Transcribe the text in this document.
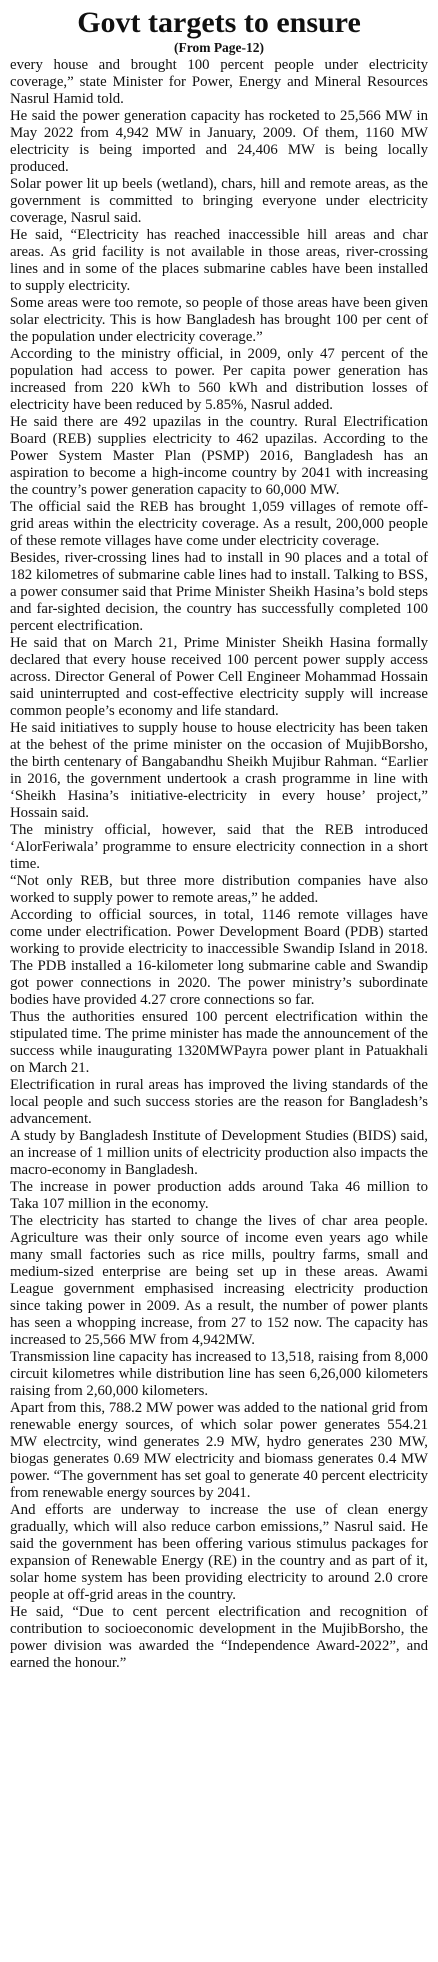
Govt targets to ensure
(From Page-12)

every house and brought 100 percent people under electricity coverage,” state Minister for Power, Energy and Mineral Resources Nasrul Hamid told.

He said the power generation capacity has rocketed to 25,566 MW in May 2022 from 4,942 MW in January, 2009. Of them, 1160 MW electricity is being imported and 24,406 MW is being locally produced.

Solar power lit up beels (wetland), chars, hill and remote areas, as the government is committed to bringing everyone under electricity coverage, Nasrul said.

He said, “Electricity has reached inaccessible hill areas and char areas. As grid facility is not available in those areas, river-crossing lines and in some of the places submarine cables have been installed to supply electricity.

Some areas were too remote, so people of those areas have been given solar electricity. This is how Bangladesh has brought 100 per cent of the population under electricity coverage.”

According to the ministry official, in 2009, only 47 percent of the population had access to power. Per capita power generation has increased from 220 kWh to 560 kWh and distribution losses of electricity have been reduced by 5.85%, Nasrul added.

He said there are 492 upazilas in the country. Rural Electrification Board (REB) supplies electricity to 462 upazilas. According to the Power System Master Plan (PSMP) 2016, Bangladesh has an aspiration to become a high-income country by 2041 with increasing the country’s power generation capacity to 60,000 MW.

The official said the REB has brought 1,059 villages of remote off-grid areas within the electricity coverage. As a result, 200,000 people of these remote villages have come under electricity coverage.

Besides, river-crossing lines had to install in 90 places and a total of 182 kilometres of submarine cable lines had to install. Talking to BSS, a power consumer said that Prime Minister Sheikh Hasina’s bold steps and far-sighted decision, the country has successfully completed 100 percent electrification.

He said that on March 21, Prime Minister Sheikh Hasina formally declared that every house received 100 percent power supply access across. Director General of Power Cell Engineer Mohammad Hossain said uninterrupted and cost-effective electricity supply will increase common people’s economy and life standard.

He said initiatives to supply house to house electricity has been taken at the behest of the prime minister on the occasion of MujibBorsho, the birth centenary of Bangabandhu Sheikh Mujibur Rahman. “Earlier in 2016, the government undertook a crash programme in line with ‘Sheikh Hasina’s initiative-electricity in every house’ project,” Hossain said.

The ministry official, however, said that the REB introduced ‘AlorFeriwala’ programme to ensure electricity connection in a short time.

“Not only REB, but three more distribution companies have also worked to supply power to remote areas,” he added.

According to official sources, in total, 1146 remote villages have come under electrification. Power Development Board (PDB) started working to provide electricity to inaccessible Swandip Island in 2018. The PDB installed a 16-kilometer long submarine cable and Swandip got power connections in 2020. The power ministry’s subordinate bodies have provided 4.27 crore connections so far.

Thus the authorities ensured 100 percent electrification within the stipulated time. The prime minister has made the announcement of the success while inaugurating 1320MWPayra power plant in Patuakhali on March 21.

Electrification in rural areas has improved the living standards of the local people and such success stories are the reason for Bangladesh’s advancement.

A study by Bangladesh Institute of Development Studies (BIDS) said, an increase of 1 million units of electricity production also impacts the macro-economy in Bangladesh.

The increase in power production adds around Taka 46 million to Taka 107 million in the economy.

The electricity has started to change the lives of char area people. Agriculture was their only source of income even years ago while many small factories such as rice mills, poultry farms, small and medium-sized enterprise are being set up in these areas. Awami League government emphasised increasing electricity production since taking power in 2009. As a result, the number of power plants has seen a whopping increase, from 27 to 152 now. The capacity has increased to 25,566 MW from 4,942MW.

Transmission line capacity has increased to 13,518, raising from 8,000 circuit kilometres while distribution line has seen 6,26,000 kilometers raising from 2,60,000 kilometers.

Apart from this, 788.2 MW power was added to the national grid from renewable energy sources, of which solar power generates 554.21 MW electrcity, wind generates 2.9 MW, hydro generates 230 MW, biogas generates 0.69 MW electricity and biomass generates 0.4 MW power. “The government has set goal to generate 40 percent electricity from renewable energy sources by 2041.

And efforts are underway to increase the use of clean energy gradually, which will also reduce carbon emissions,” Nasrul said. He said the government has been offering various stimulus packages for expansion of Renewable Energy (RE) in the country and as part of it, solar home system has been providing electricity to around 2.0 crore people at off-grid areas in the country.

He said, “Due to cent percent electrification and recognition of contribution to socioeconomic development in the MujibBorsho, the power division was awarded the “Independence Award-2022”, and earned the honour.”
